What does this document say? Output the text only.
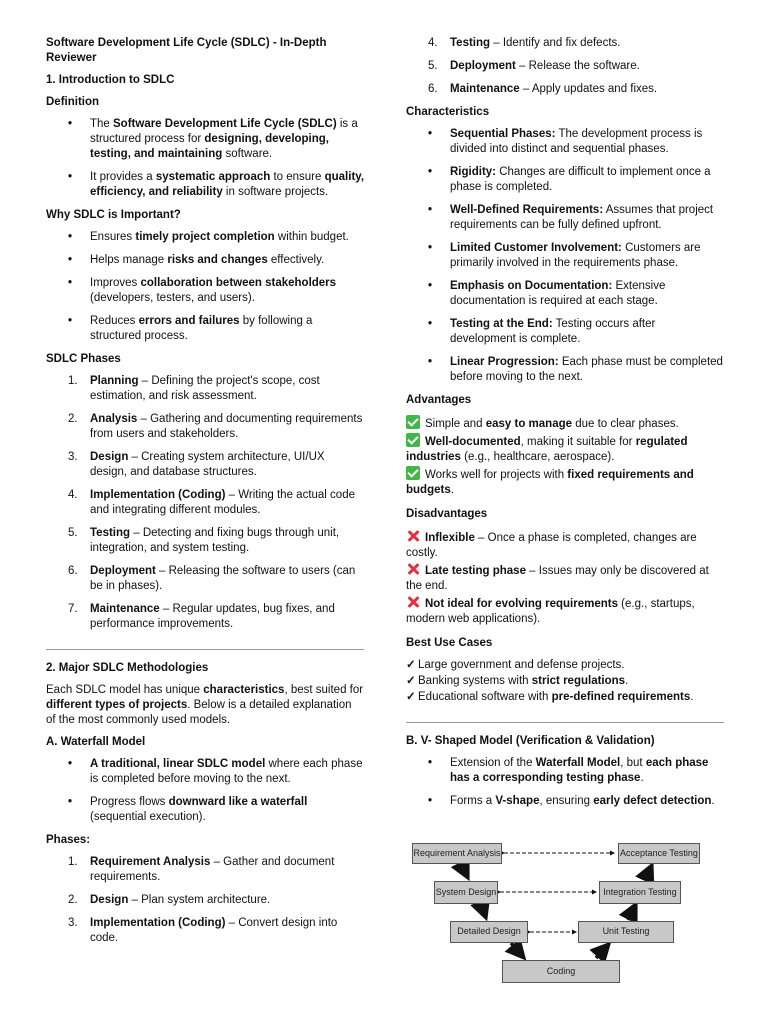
Software Development Life Cycle (SDLC) - In-Depth
Reviewer
1. Introduction to SDLC
Definition
• The Software Development Life Cycle (SDLC) is a structured process for designing, developing, testing, and maintaining software.
• It provides a systematic approach to ensure quality, efficiency, and reliability in software projects.
Why SDLC is Important?
• Ensures timely project completion within budget.
• Helps manage risks and changes effectively.
• Improves collaboration between stakeholders (developers, testers, and users).
• Reduces errors and failures by following a structured process.
SDLC Phases
1. Planning – Defining the project's scope, cost estimation, and risk assessment.
2. Analysis – Gathering and documenting requirements from users and stakeholders.
3. Design – Creating system architecture, UI/UX design, and database structures.
4. Implementation (Coding) – Writing the actual code and integrating different modules.
5. Testing – Detecting and fixing bugs through unit, integration, and system testing.
6. Deployment – Releasing the software to users (can be in phases).
7. Maintenance – Regular updates, bug fixes, and performance improvements.
2. Major SDLC Methodologies
Each SDLC model has unique characteristics, best suited for different types of projects. Below is a detailed explanation of the most commonly used models.
A. Waterfall Model
• A traditional, linear SDLC model where each phase is completed before moving to the next.
• Progress flows downward like a waterfall (sequential execution).
Phases:
1. Requirement Analysis – Gather and document requirements.
2. Design – Plan system architecture.
3. Implementation (Coding) – Convert design into code.
4. Testing – Identify and fix defects.
5. Deployment – Release the software.
6. Maintenance – Apply updates and fixes.
Characteristics
• Sequential Phases: The development process is divided into distinct and sequential phases.
• Rigidity: Changes are difficult to implement once a phase is completed.
• Well-Defined Requirements: Assumes that project requirements can be fully defined upfront.
• Limited Customer Involvement: Customers are primarily involved in the requirements phase.
• Emphasis on Documentation: Extensive documentation is required at each stage.
• Testing at the End: Testing occurs after development is complete.
• Linear Progression: Each phase must be completed before moving to the next.
Advantages
Simple and easy to manage due to clear phases.
Well-documented, making it suitable for regulated industries (e.g., healthcare, aerospace).
Works well for projects with fixed requirements and budgets.
Disadvantages
Inflexible – Once a phase is completed, changes are costly.
Late testing phase – Issues may only be discovered at the end.
Not ideal for evolving requirements (e.g., startups, modern web applications).
Best Use Cases
✓ Large government and defense projects.
✓ Banking systems with strict regulations.
✓ Educational software with pre-defined requirements.
B. V- Shaped Model (Verification & Validation)
• Extension of the Waterfall Model, but each phase has a corresponding testing phase.
• Forms a V-shape, ensuring early defect detection.
Requirement Analysis	Acceptance Testing
System Design	Integration Testing
Detailed Design	Unit Testing
Coding
